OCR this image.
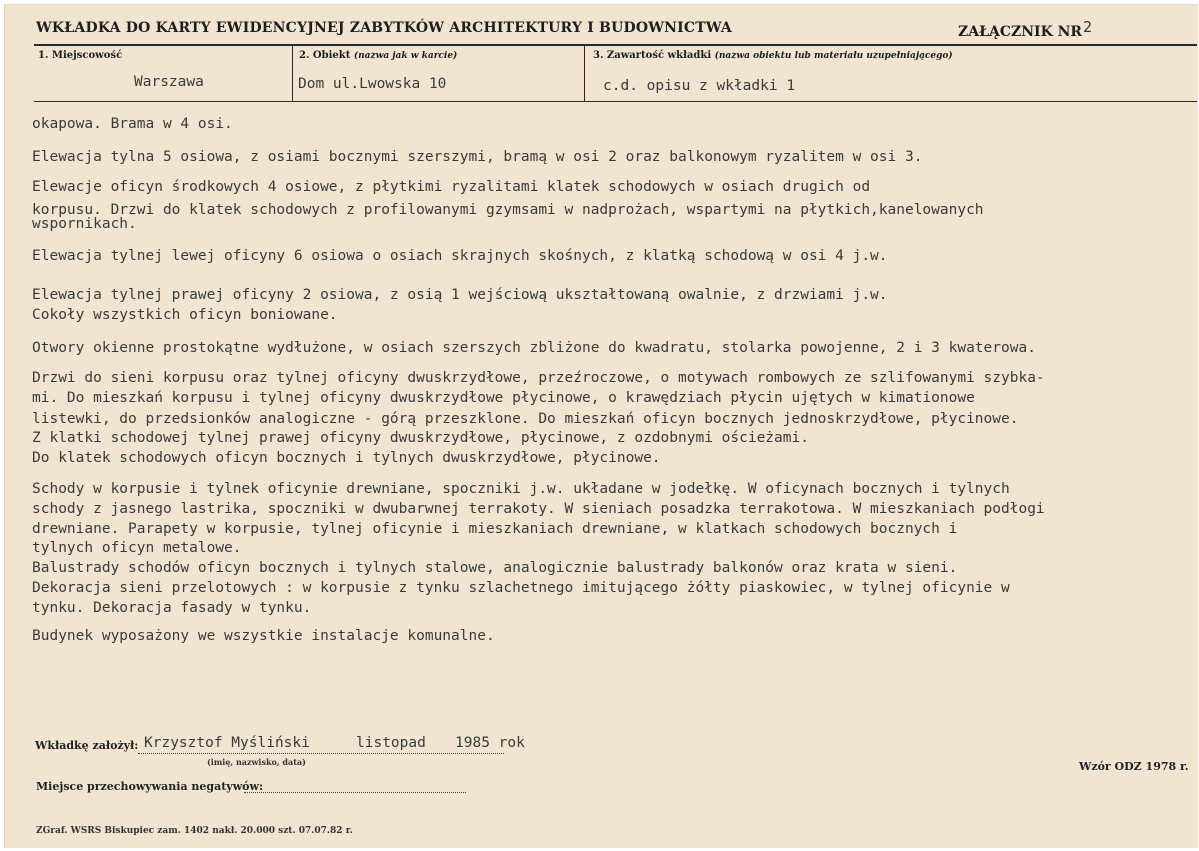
WKŁADKA DO KARTY EWIDENCYJNEJ ZABYTKÓW ARCHITEKTURY I BUDOWNICTWA	ZAŁĄCZNIK NR 2
1. Miejscowość	2. Obiekt (nazwa jak w karcie)	3. Zawartość wkładki (nazwa obiektu lub materiału uzupełniającego)
Warszawa	Dom ul.Lwowska 10	c.d. opisu z wkładki 1
okapowa. Brama w 4 osi.
Elewacja tylna 5 osiowa, z osiami bocznymi szerszymi, bramą w osi 2 oraz balkonowym ryzalitem w osi 3.
Elewacje oficyn środkowych 4 osiowe, z płytkimi ryzalitami klatek schodowych w osiach drugich od
korpusu. Drzwi do klatek schodowych z profilowanymi gzymsami w nadprożach, wspartymi na płytkich,kanelowanych
wspornikach.
Elewacja tylnej lewej oficyny 6 osiowa o osiach skrajnych skośnych, z klatką schodową w osi 4 j.w.
Elewacja tylnej prawej oficyny 2 osiowa, z osią 1 wejściową ukształtowaną owalnie, z drzwiami j.w.
Cokoły wszystkich oficyn boniowane.
Otwory okienne prostokątne wydłużone, w osiach szerszych zbliżone do kwadratu, stolarka powojenne, 2 i 3 kwaterowa.
Drzwi do sieni korpusu oraz tylnej oficyny dwuskrzydłowe, przeźroczowe, o motywach rombowych ze szlifowanymi szybka-
mi. Do mieszkań korpusu i tylnej oficyny dwuskrzydłowe płycinowe, o krawędziach płycin ujętych w kimationowe
listewki, do przedsionków analogiczne - górą przeszklone. Do mieszkań oficyn bocznych jednoskrzydłowe, płycinowe.
Z klatki schodowej tylnej prawej oficyny dwuskrzydłowe, płycinowe, z ozdobnymi ościeżami.
Do klatek schodowych oficyn bocznych i tylnych dwuskrzydłowe, płycinowe.
Schody w korpusie i tylnek oficynie drewniane, spoczniki j.w. układane w jodełkę. W oficynach bocznych i tylnych
schody z jasnego lastrika, spoczniki w dwubarwnej terrakoty. W sieniach posadzka terrakotowa. W mieszkaniach podłogi
drewniane. Parapety w korpusie, tylnej oficynie i mieszkaniach drewniane, w klatkach schodowych bocznych i
tylnych oficyn metalowe.
Balustrady schodów oficyn bocznych i tylnych stalowe, analogicznie balustrady balkonów oraz krata w sieni.
Dekoracja sieni przelotowych : w korpusie z tynku szlachetnego imitującego żółty piaskowiec, w tylnej oficynie w
tynku. Dekoracja fasady w tynku.
Budynek wyposażony we wszystkie instalacje komunalne.
Wkładkę założył: Krzysztof Myśliński	listopad 1985 rok
(imię, nazwisko, data)
Miejsce przechowywania negatywów:
Wzór ODZ 1978 r.
ZGraf. WSRS Biskupiec zam. 1402 nakł. 20.000 szt. 07.07.82 r.
